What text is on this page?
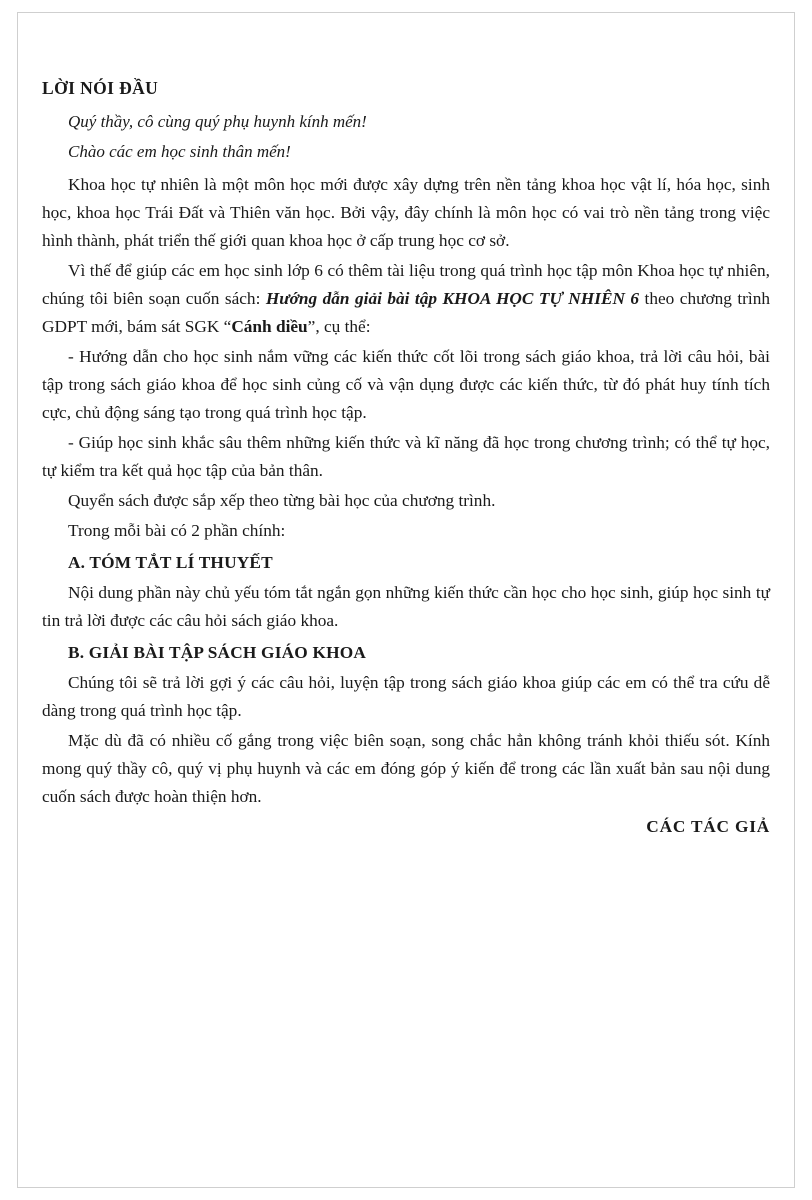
LỜI NÓI ĐẦU
Quý thầy, cô cùng quý phụ huynh kính mến!
Chào các em học sinh thân mến!

Khoa học tự nhiên là một môn học mới được xây dựng trên nền tảng khoa học vật lí, hóa học, sinh học, khoa học Trái Đất và Thiên văn học. Bởi vậy, đây chính là môn học có vai trò nền tảng trong việc hình thành, phát triển thế giới quan khoa học ở cấp trung học cơ sở.

Vì thế để giúp các em học sinh lớp 6 có thêm tài liệu trong quá trình học tập môn Khoa học tự nhiên, chúng tôi biên soạn cuốn sách: Hướng dẫn giải bài tập KHOA HỌC TỰ NHIÊN 6 theo chương trình GDPT mới, bám sát SGK “Cánh diều”, cụ thể:

- Hướng dẫn cho học sinh nắm vững các kiến thức cốt lõi trong sách giáo khoa, trả lời câu hỏi, bài tập trong sách giáo khoa để học sinh củng cố và vận dụng được các kiến thức, từ đó phát huy tính tích cực, chủ động sáng tạo trong quá trình học tập.

- Giúp học sinh khắc sâu thêm những kiến thức và kĩ năng đã học trong chương trình; có thể tự học, tự kiểm tra kết quả học tập của bản thân.

Quyển sách được sắp xếp theo từng bài học của chương trình.

Trong mỗi bài có 2 phần chính:

A. TÓM TẮT LÍ THUYẾT

Nội dung phần này chủ yếu tóm tắt ngắn gọn những kiến thức cần học cho học sinh, giúp học sinh tự tin trả lời được các câu hỏi sách giáo khoa.

B. GIẢI BÀI TẬP SÁCH GIÁO KHOA

Chúng tôi sẽ trả lời gợi ý các câu hỏi, luyện tập trong sách giáo khoa giúp các em có thể tra cứu dễ dàng trong quá trình học tập.

Mặc dù đã có nhiều cố gắng trong việc biên soạn, song chắc hẳn không tránh khỏi thiếu sót. Kính mong quý thầy cô, quý vị phụ huynh và các em đóng góp ý kiến để trong các lần xuất bản sau nội dung cuốn sách được hoàn thiện hơn.

CÁC TÁC GIẢ
